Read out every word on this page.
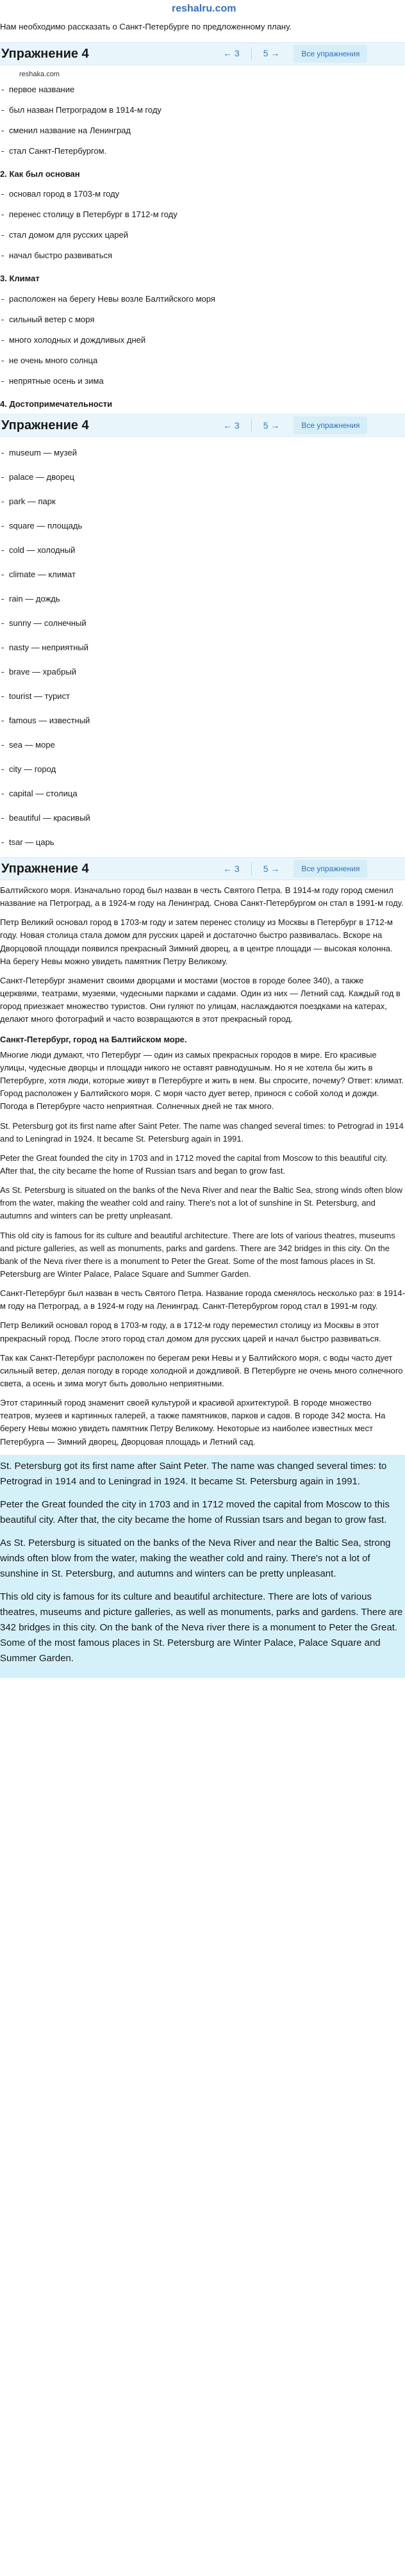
reshalru.com

Нам необходимо рассказать о Санкт-Петербурге по предложенному плану.

Упражнение 4	← 3	5 →	Все упражнения
reshaka.com
- первое название
- был назван Петроградом в 1914-м году
- сменил название на Ленинград
- стал Санкт-Петербургом.
2. Как был основан
- основал город в 1703-м году
- перенес столицу в Петербург в 1712-м году
- стал домом для русских царей
- начал быстро развиваться
3. Климат
- расположен на берегу Невы возле Балтийского моря
- сильный ветер с моря
- много холодных и дождливых дней
- не очень много солнца
- непрятные осень и зима
4. Достопримечательности
Упражнение 4	← 3	5 →	Все упражнения
- museum — музей
- palace — дворец
- park — парк
- square — площадь
- cold — холодный
- climate — климат
- rain — дождь
- sunny — солнечный
- nasty — неприятный
- brave — храбрый
- tourist — турист
- famous — известный
- sea — море
- city — город
- capital — столица
- beautiful — красивый
- tsar — царь
Упражнение 4	← 3	5 →	Все упражнения

Балтийского моря. Изначально город был назван в честь Святого Петра. В 1914-м году город сменил название на Петроград, а в 1924-м году на Ленинград. Снова Санкт-Петербургом он стал в 1991-м году.

Петр Великий основал город в 1703-м году и затем перенес столицу из Москвы в Петербург в 1712-м году. Новая столица стала домом для русских царей и достаточно быстро развивалась. Вскоре на Дворцовой площади появился прекрасный Зимний дворец, а в центре площади — высокая колонна. На берегу Невы можно увидеть памятник Петру Великому.

Санкт-Петербург знаменит своими дворцами и мостами (мостов в городе более 340), а также церквями, театрами, музеями, чудесными парками и садами. Один из них — Летний сад. Каждый год в город приезжает множество туристов. Они гуляют по улицам, наслаждаются поездками на катерах, делают много фотографий и часто возвращаются в этот прекрасный город.

Санкт-Петербург, город на Балтийском море.

Многие люди думают, что Петербург — один из самых прекрасных городов в мире. Его красивые улицы, чудесные дворцы и площади никого не оставят равнодушным. Но я не хотела бы жить в Петербурге, хотя люди, которые живут в Петербурге и жить в нем. Вы спросите, почему? Ответ: климат. Город расположен у Балтийского моря. С моря часто дует ветер, принося с собой холод и дожди. Погода в Петербурге часто неприятная. Солнечных дней не так много.

St. Petersburg got its first name after Saint Peter. The name was changed several times: to Petrograd in 1914 and to Leningrad in 1924. It became St. Petersburg again in 1991.

Peter the Great founded the city in 1703 and in 1712 moved the capital from Moscow to this beautiful city. After that, the city became the home of Russian tsars and began to grow fast.

As St. Petersburg is situated on the banks of the Neva River and near the Baltic Sea, strong winds often blow from the water, making the weather cold and rainy. There's not a lot of sunshine in St. Petersburg, and autumns and winters can be pretty unpleasant.

This old city is famous for its culture and beautiful architecture. There are lots of various theatres, museums and picture galleries, as well as monuments, parks and gardens. There are 342 bridges in this city. On the bank of the Neva river there is a monument to Peter the Great. Some of the most famous places in St. Petersburg are Winter Palace, Palace Square and Summer Garden.

Санкт-Петербург был назван в честь Святого Петра. Название города сменялось несколько раз: в 1914-м году на Петроград, а в 1924-м году на Ленинград. Санкт-Петербургом город стал в 1991-м году.

Петр Великий основал город в 1703-м году, а в 1712-м году переместил столицу из Москвы в этот прекрасный город. После этого город стал домом для русских царей и начал быстро развиваться.

Так как Санкт-Петербург расположен по берегам реки Невы и у Балтийского моря, с воды часто дует сильный ветер, делая погоду в городе холодной и дождливой. В Петербурге не очень много солнечного света, а осень и зима могут быть довольно неприятными.

Этот старинный город знаменит своей культурой и красивой архитектурой. В городе множество театров, музеев и картинных галерей, а также памятников, парков и садов. В городе 342 моста. На берегу Невы можно увидеть памятник Петру Великому. Некоторые из наиболее известных мест Петербурга — Зимний дворец, Дворцовая площадь и Летний сад.

St. Petersburg got its first name after Saint Peter. The name was changed several times: to Petrograd in 1914 and to Leningrad in 1924. It became St. Petersburg again in 1991.

Peter the Great founded the city in 1703 and in 1712 moved the capital from Moscow to this beautiful city. After that, the city became the home of Russian tsars and began to grow fast.

As St. Petersburg is situated on the banks of the Neva River and near the Baltic Sea, strong winds often blow from the water, making the weather cold and rainy. There's not a lot of sunshine in St. Petersburg, and autumns and winters can be pretty unpleasant.

This old city is famous for its culture and beautiful architecture. There are lots of various theatres, museums and picture galleries, as well as monuments, parks and gardens. There are 342 bridges in this city. On the bank of the Neva river there is a monument to Peter the Great. Some of the most famous places in St. Petersburg are Winter Palace, Palace Square and Summer Garden.
